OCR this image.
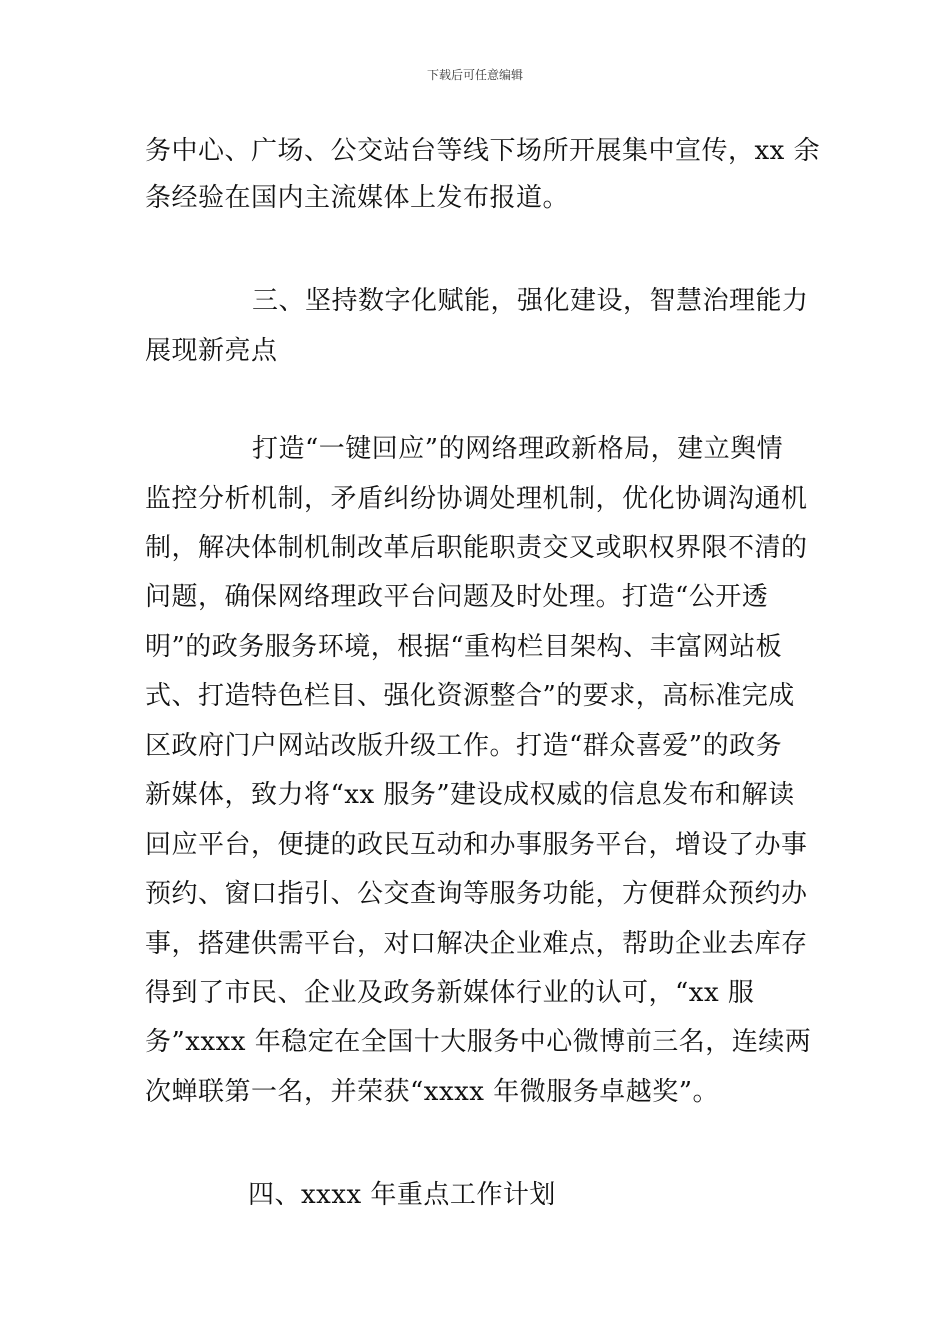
下载后可任意编辑
务中心、广场、公交站台等线下场所开展集中宣传，xx 余
条经验在国内主流媒体上发布报道。
三、坚持数字化赋能，强化建设，智慧治理能力
展现新亮点
打造“一键回应”的网络理政新格局，建立舆情
监控分析机制，矛盾纠纷协调处理机制，优化协调沟通机
制，解决体制机制改革后职能职责交叉或职权界限不清的
问题，确保网络理政平台问题及时处理。打造“公开透
明”的政务服务环境，根据“重构栏目架构、丰富网站板
式、打造特色栏目、强化资源整合”的要求，高标准完成
区政府门户网站改版升级工作。打造“群众喜爱”的政务
新媒体，致力将“xx 服务”建设成权威的信息发布和解读
回应平台，便捷的政民互动和办事服务平台，增设了办事
预约、窗口指引、公交查询等服务功能，方便群众预约办
事，搭建供需平台，对口解决企业难点，帮助企业去库存
得到了市民、企业及政务新媒体行业的认可，“xx 服
务”xxxx 年稳定在全国十大服务中心微博前三名，连续两
次蝉联第一名，并荣获“xxxx 年微服务卓越奖”。
四、xxxx 年重点工作计划
